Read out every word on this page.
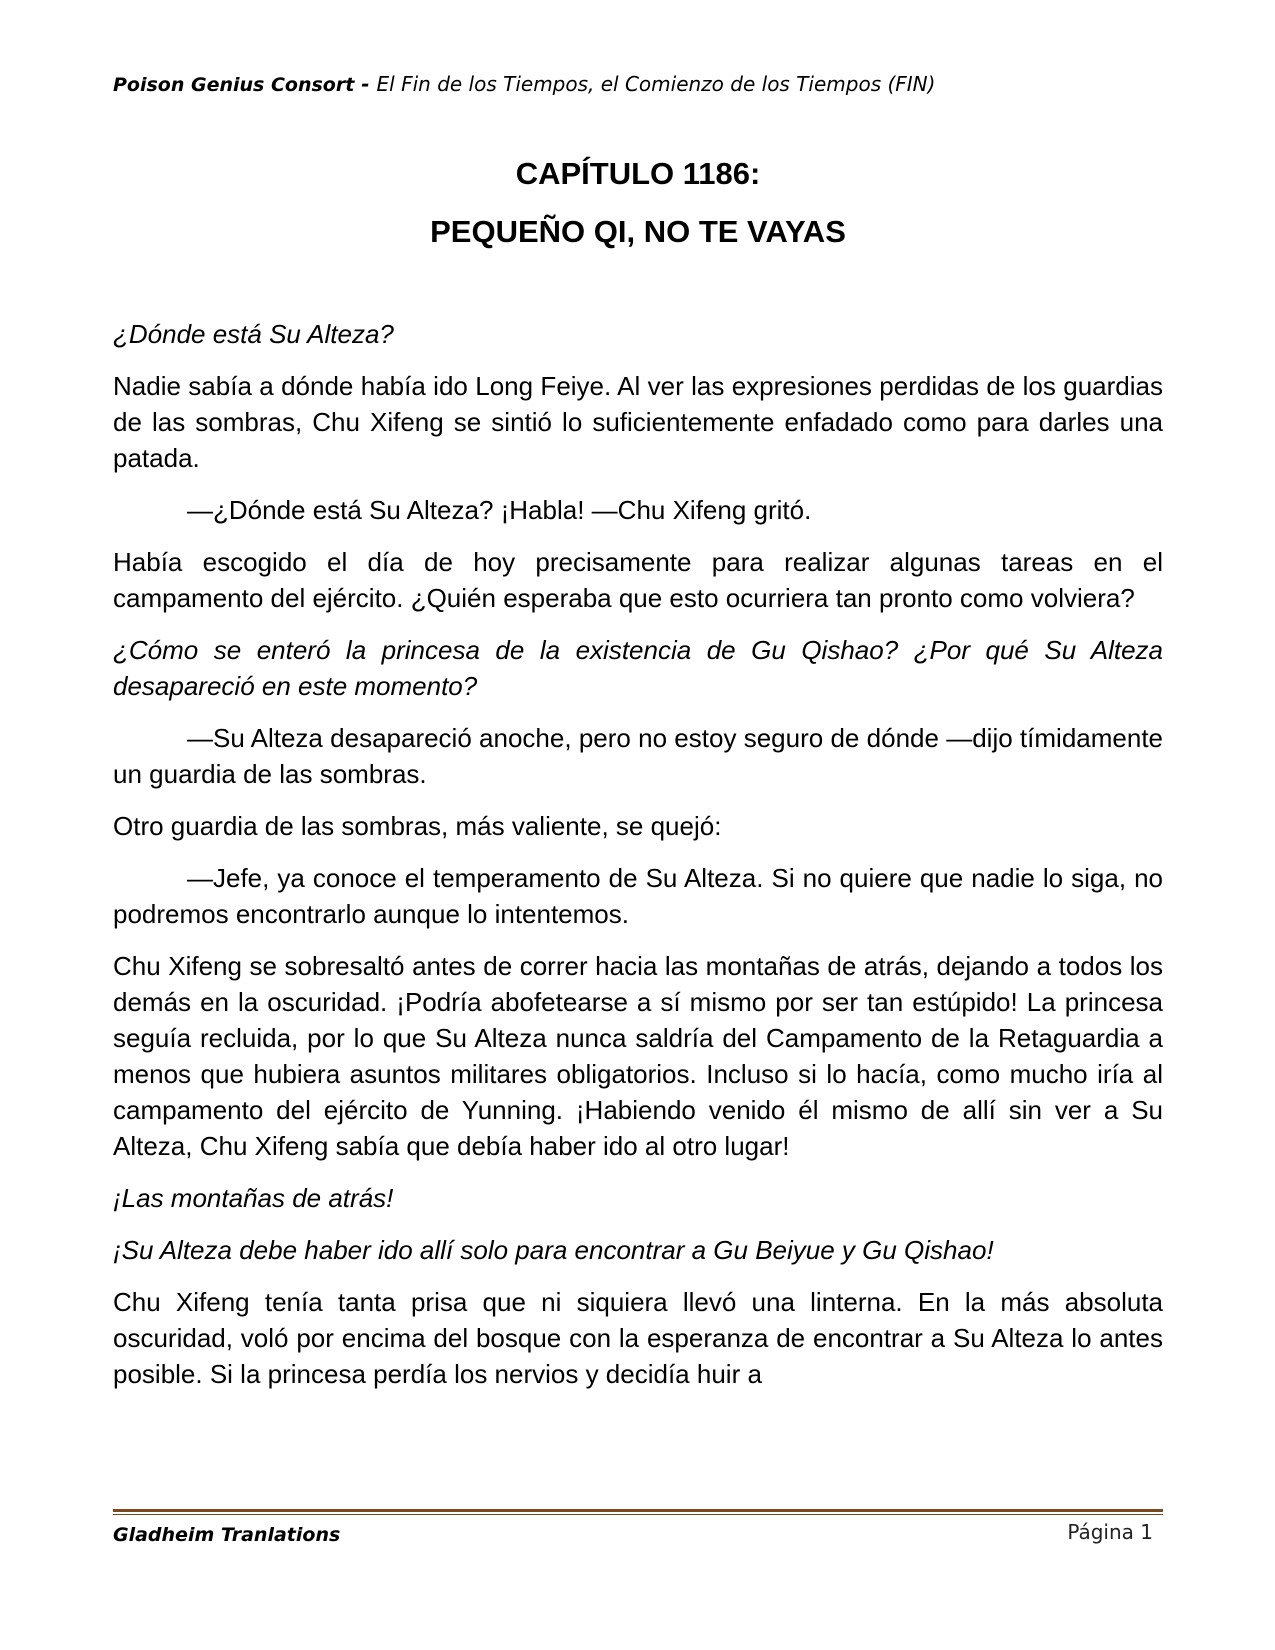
Poison Genius Consort - El Fin de los Tiempos, el Comienzo de los Tiempos (FIN)
CAPÍTULO 1186:
PEQUEÑO QI, NO TE VAYAS

¿Dónde está Su Alteza?

Nadie sabía a dónde había ido Long Feiye. Al ver las expresiones perdidas de los guardias de las sombras, Chu Xifeng se sintió lo suficientemente enfadado como para darles una patada.

—¿Dónde está Su Alteza? ¡Habla! —Chu Xifeng gritó.

Había escogido el día de hoy precisamente para realizar algunas tareas en el campamento del ejército. ¿Quién esperaba que esto ocurriera tan pronto como volviera?

¿Cómo se enteró la princesa de la existencia de Gu Qishao? ¿Por qué Su Alteza desapareció en este momento?

—Su Alteza desapareció anoche, pero no estoy seguro de dónde —dijo tímidamente un guardia de las sombras.

Otro guardia de las sombras, más valiente, se quejó:

—Jefe, ya conoce el temperamento de Su Alteza. Si no quiere que nadie lo siga, no podremos encontrarlo aunque lo intentemos.

Chu Xifeng se sobresaltó antes de correr hacia las montañas de atrás, dejando a todos los demás en la oscuridad. ¡Podría abofetearse a sí mismo por ser tan estúpido! La princesa seguía recluida, por lo que Su Alteza nunca saldría del Campamento de la Retaguardia a menos que hubiera asuntos militares obligatorios. Incluso si lo hacía, como mucho iría al campamento del ejército de Yunning. ¡Habiendo venido él mismo de allí sin ver a Su Alteza, Chu Xifeng sabía que debía haber ido al otro lugar!

¡Las montañas de atrás!

¡Su Alteza debe haber ido allí solo para encontrar a Gu Beiyue y Gu Qishao!

Chu Xifeng tenía tanta prisa que ni siquiera llevó una linterna. En la más absoluta oscuridad, voló por encima del bosque con la esperanza de encontrar a Su Alteza lo antes posible. Si la princesa perdía los nervios y decidía huir a

Gladheim Tranlations	Página 1
